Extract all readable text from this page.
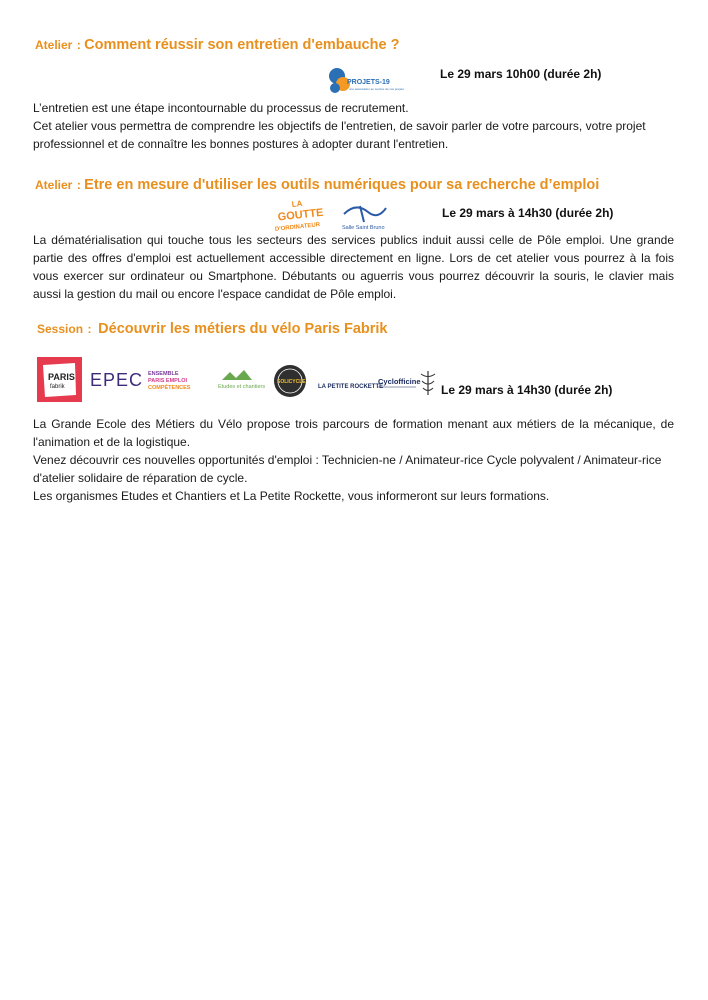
Atelier : Comment réussir son entretien d'embauche ?
PROJETS-19
une association au service de vos projets
Le 29 mars 10h00 (durée 2h)

L’entretien est une étape incontournable du processus de recrutement.

Cet atelier vous permettra de comprendre les objectifs de l'entretien, de savoir parler de votre parcours, votre projet professionnel et de connaître les bonnes postures à adopter durant l'entretien.

Atelier : Etre en mesure d'utiliser les outils numériques pour sa recherche d’emploi
LA
GOUTTE
D'ORDINATEUR	Salle Saint Bruno
Le 29 mars à 14h30 (durée 2h)

La dématérialisation qui touche tous les secteurs des services publics induit aussi celle de Pôle emploi. Une grande partie des offres d'emploi est actuellement accessible directement en ligne. Lors de cet atelier vous pourrez à la fois vous exercer sur ordinateur ou Smartphone. Débutants ou aguerris vous pourrez découvrir la souris, le clavier mais aussi la gestion du mail ou encore l'espace candidat de Pôle emploi.

Session :  Découvrir les métiers du vélo Paris Fabrik
PARIS
fabrik EPEC ENSEMBLE
PARIS EMPLOI
COMPÉTENCES	Etudes et chantiers
SOLICYCLE
LA PETITE ROCKETTE
Cyclofficine
Le 29 mars à 14h30 (durée 2h)

La Grande Ecole des Métiers du Vélo propose trois parcours de formation menant aux métiers de la mécanique, de l'animation et de la logistique.

Venez découvrir ces nouvelles opportunités d'emploi : Technicien-ne / Animateur-rice Cycle polyvalent / Animateur-rice d'atelier solidaire de réparation de cycle.

Les organismes Etudes et Chantiers et La Petite Rockette, vous informeront sur leurs formations.
